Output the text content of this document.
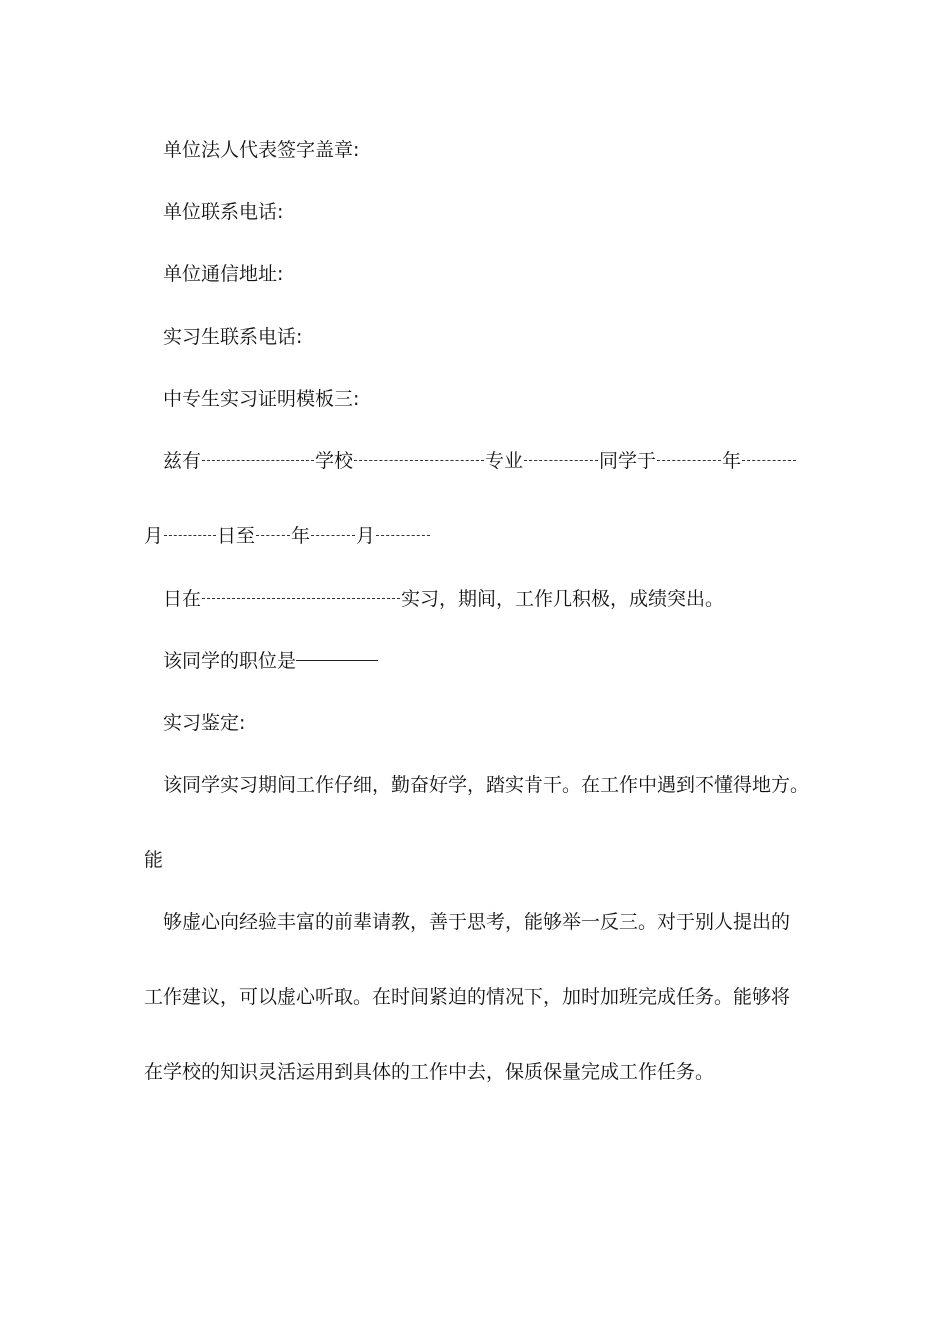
单位法人代表签字盖章:
单位联系电话:
单位通信地址:
实习生联系电话:
中专生实习证明模板三:
兹有	学校	专业	同学于	年
月	日至 年 月
日在	实习，期间，工作几积极，成绩突出。
该同学的职位是
实习鉴定:
该同学实习期间工作仔细，勤奋好学，踏实肯干。在工作中遇到不懂得地方。
能
够虚心向经验丰富的前辈请教，善于思考，能够举一反三。对于别人提出的
工作建议，可以虚心听取。在时间紧迫的情况下，加时加班完成任务。能够将
在学校的知识灵活运用到具体的工作中去，保质保量完成工作任务。
